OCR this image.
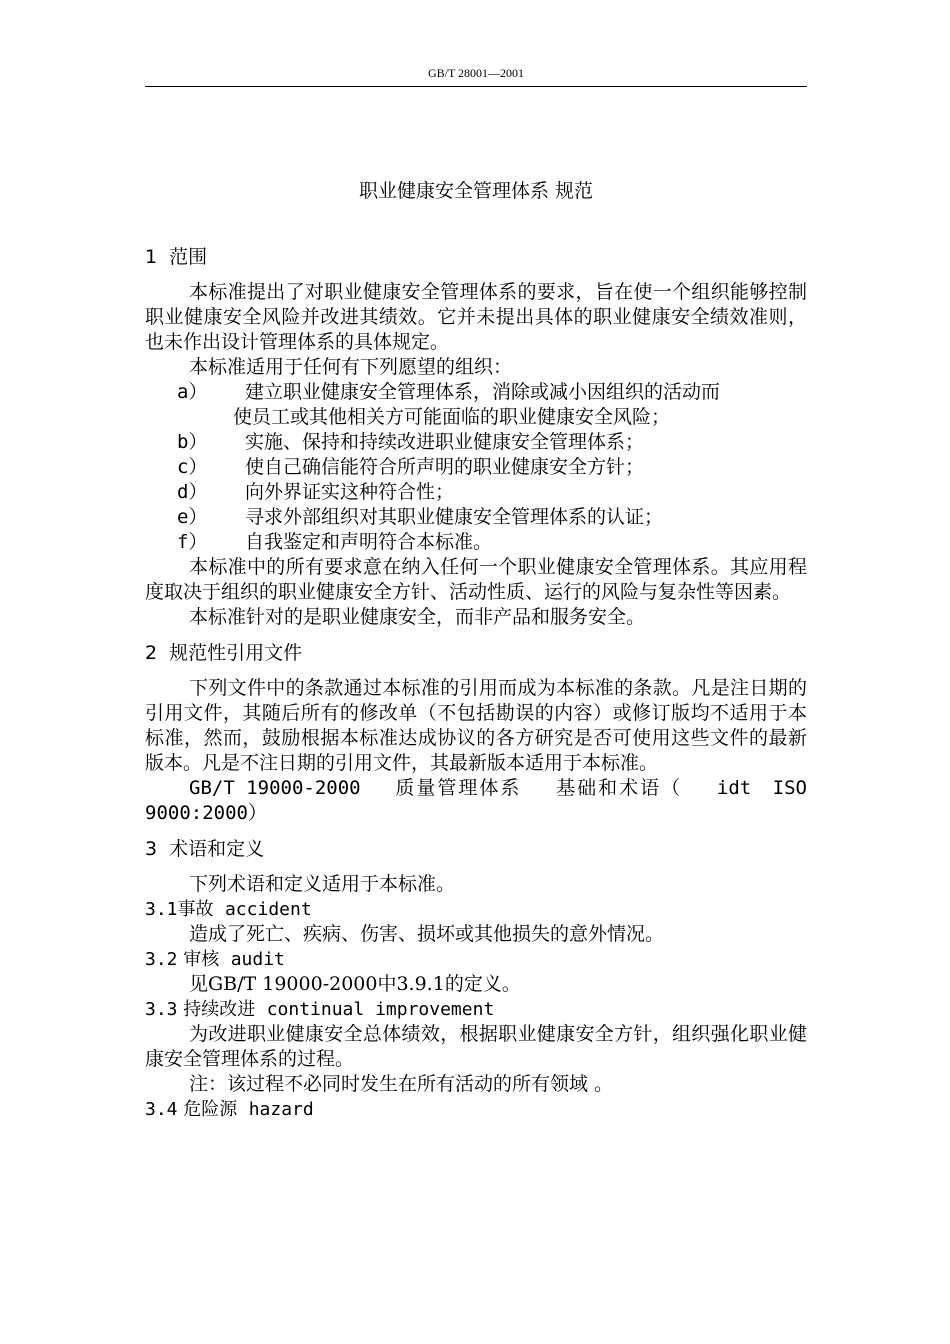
GB/T 28001—2001
职业健康安全管理体系 规范
1  范围
本标准提出了对职业健康安全管理体系的要求，旨在使一个组织能够控制职业健康安全风险并改进其绩效。它并未提出具体的职业健康安全绩效准则，也未作出设计管理体系的具体规定。
本标准适用于任何有下列愿望的组织：
a）	建立职业健康安全管理体系，消除或减小因组织的活动而
使员工或其他相关方可能面临的职业健康安全风险；
b）	实施、保持和持续改进职业健康安全管理体系；
c）	使自己确信能符合所声明的职业健康安全方针；
d）	向外界证实这种符合性；
e）	寻求外部组织对其职业健康安全管理体系的认证；
f）	自我鉴定和声明符合本标准。
本标准中的所有要求意在纳入任何一个职业健康安全管理体系。其应用程度取决于组织的职业健康安全方针、活动性质、运行的风险与复杂性等因素。
本标准针对的是职业健康安全，而非产品和服务安全。
2  规范性引用文件
下列文件中的条款通过本标准的引用而成为本标准的条款。凡是注日期的引用文件，其随后所有的修改单（不包括勘误的内容）或修订版均不适用于本标准，然而，鼓励根据本标准达成协议的各方研究是否可使用这些文件的最新版本。凡是不注日期的引用文件，其最新版本适用于本标准。
GB/T 19000-2000 质量管理体系 基础和术语（ idt ISO
9000:2000）
3  术语和定义
下列术语和定义适用于本标准。
3.1事故 accident
造成了死亡、疾病、伤害、损坏或其他损失的意外情况。
3.2 审核 audit
见GB/T 19000-2000中3.9.1的定义。
3.3 持续改进 continual improvement
为改进职业健康安全总体绩效，根据职业健康安全方针，组织强化职业健康安全管理体系的过程。
注：该过程不必同时发生在所有活动的所有领域 。
3.4 危险源 hazard
